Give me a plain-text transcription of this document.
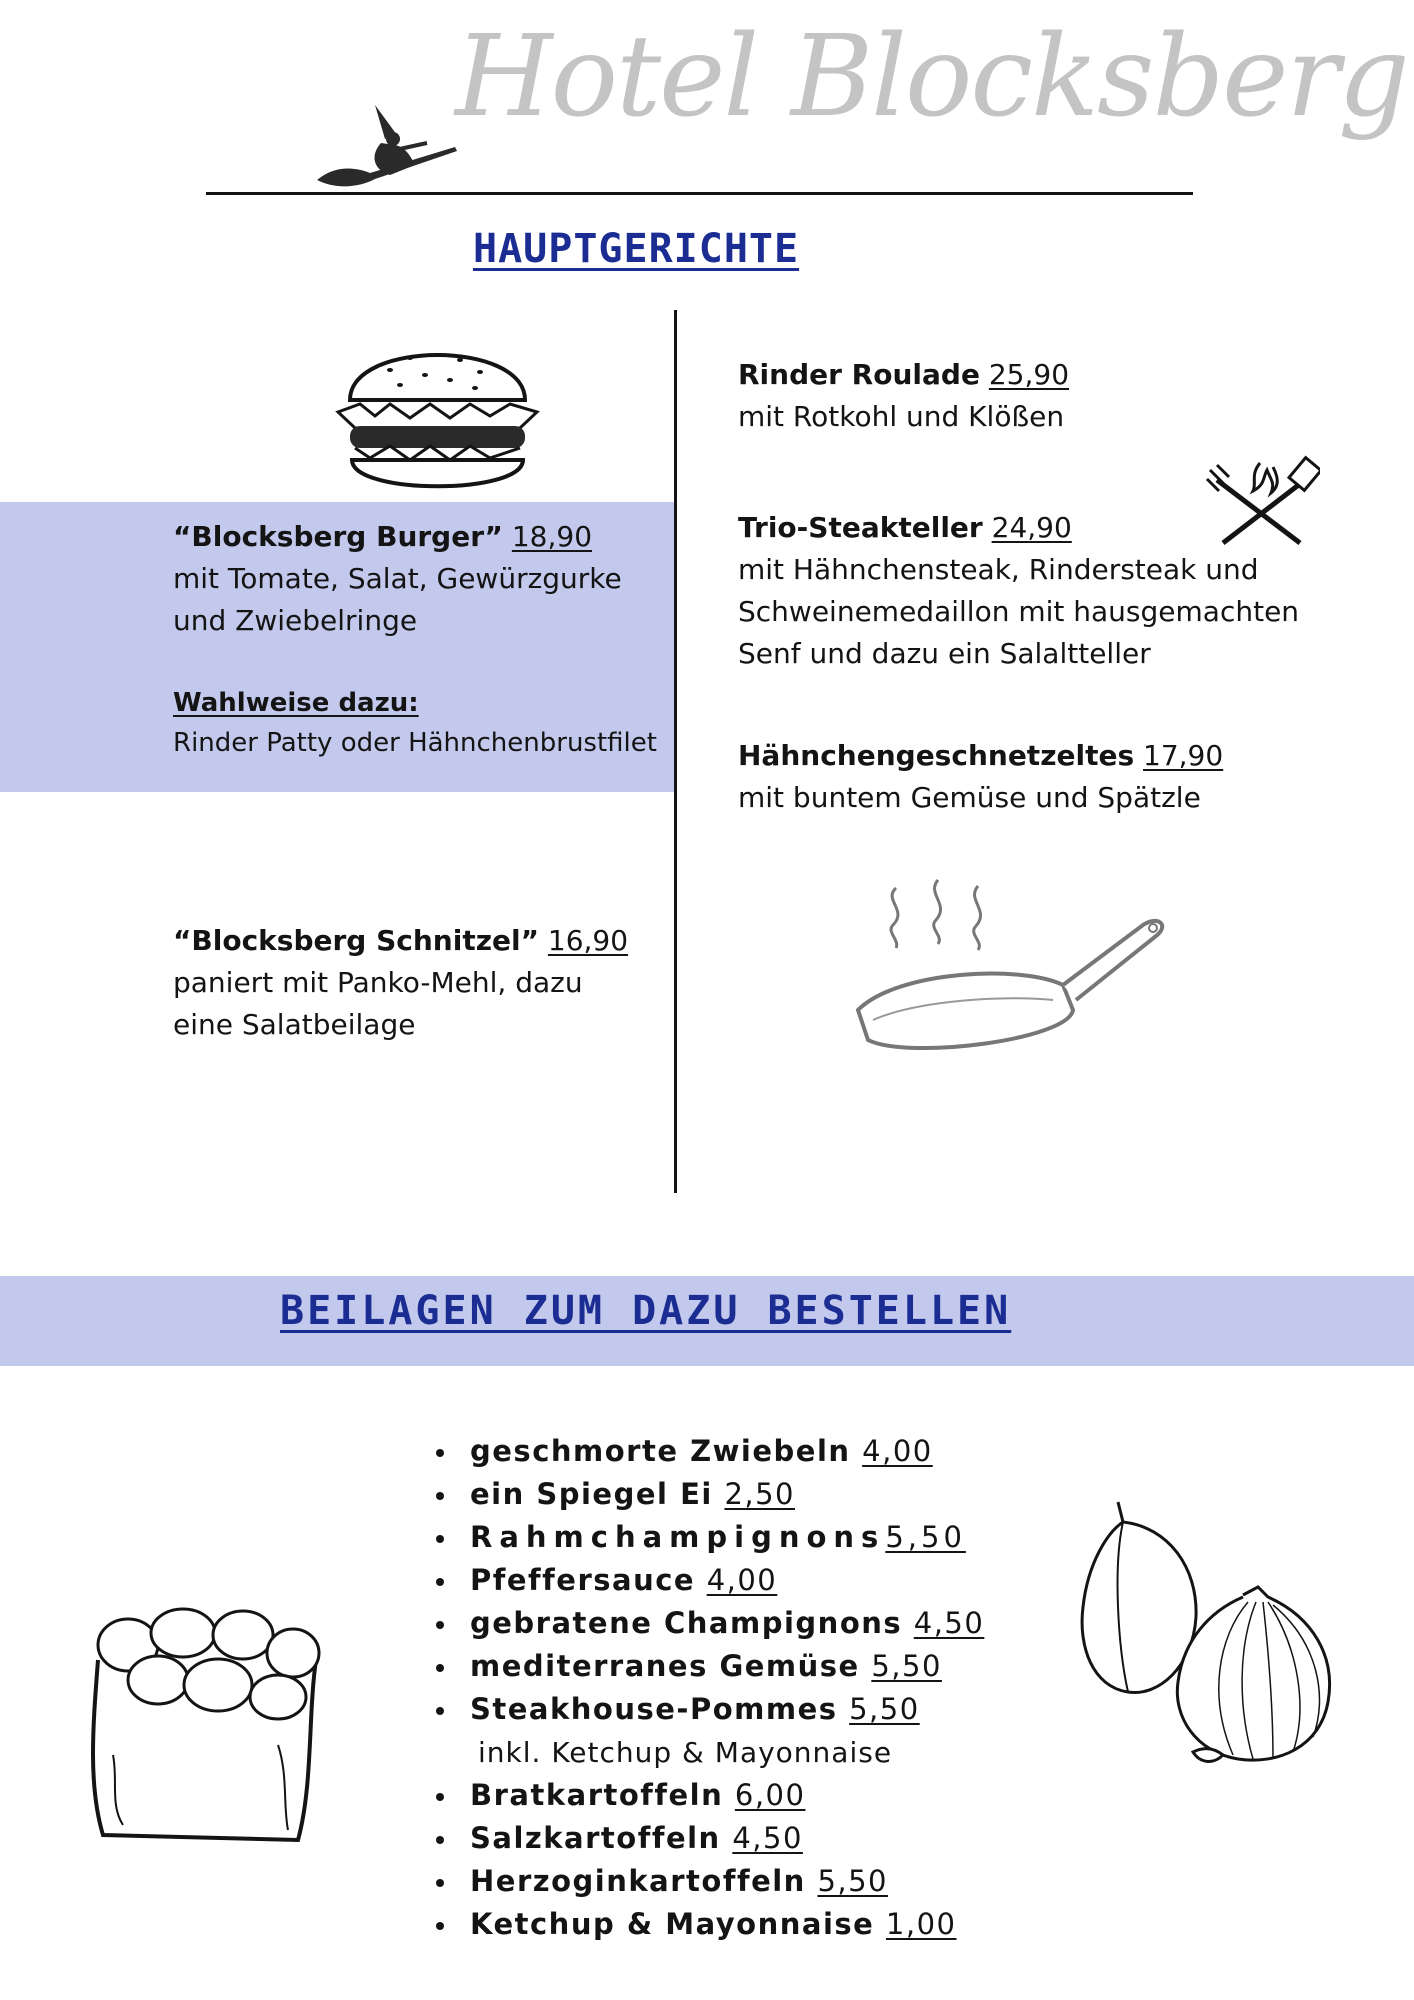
Hotel Blocksberg
HAUPTGERICHTE
“Blocksberg Burger” 18,90
mit Tomate, Salat, Gewürzgurke
und Zwiebelringe
Wahlweise dazu:
Rinder Patty oder Hähnchenbrustfilet
“Blocksberg Schnitzel” 16,90
paniert mit Panko-Mehl, dazu
eine Salatbeilage
Rinder Roulade 25,90
mit Rotkohl und Klößen
Trio-Steakteller 24,90
mit Hähnchensteak, Rindersteak und
Schweinemedaillon mit hausgemachten
Senf und dazu ein Salaltteller
Hähnchengeschnetzeltes 17,90
mit buntem Gemüse und Spätzle
BEILAGEN ZUM DAZU BESTELLEN
geschmorte Zwiebeln 4,00
ein Spiegel Ei 2,50
Rahmchampignons5,50
Pfeffersauce 4,00
gebratene Champignons 4,50
mediterranes Gemüse 5,50
Steakhouse-Pommes 5,50
inkl. Ketchup & Mayonnaise
Bratkartoffeln 6,00
Salzkartoffeln 4,50
Herzoginkartoffeln 5,50
Ketchup & Mayonnaise 1,00
